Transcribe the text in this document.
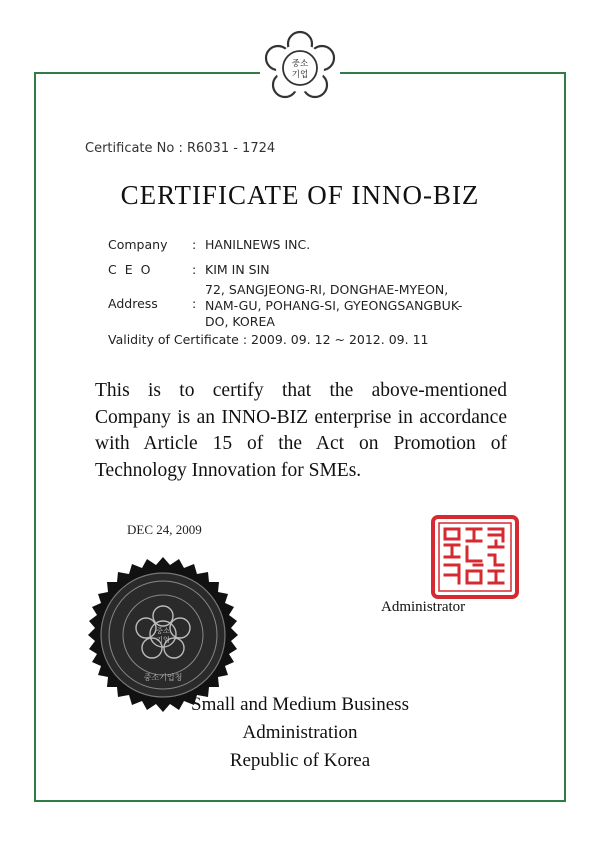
중소
기업
Certificate No : R6031 - 1724
CERTIFICATE OF INNO-BIZ
Company : HANILNEWS INC.
C E O	: KIM IN SIN
Address	:
72, SANGJEONG-RI, DONGHAE-MYEON,
NAM-GU, POHANG-SI, GYEONGSANGBUK-
DO, KOREA
Validity of Certificate : 2009. 09. 12 ~ 2012. 09. 11
This is to certify that the above-mentioned Company is an INNO-BIZ enterprise in accordance with Article 15 of the Act on Promotion of Technology Innovation for SMEs.
DEC 24, 2009
Administrator
중소
기업
중소기업청
Small and Medium Business
Administration
Republic of Korea
